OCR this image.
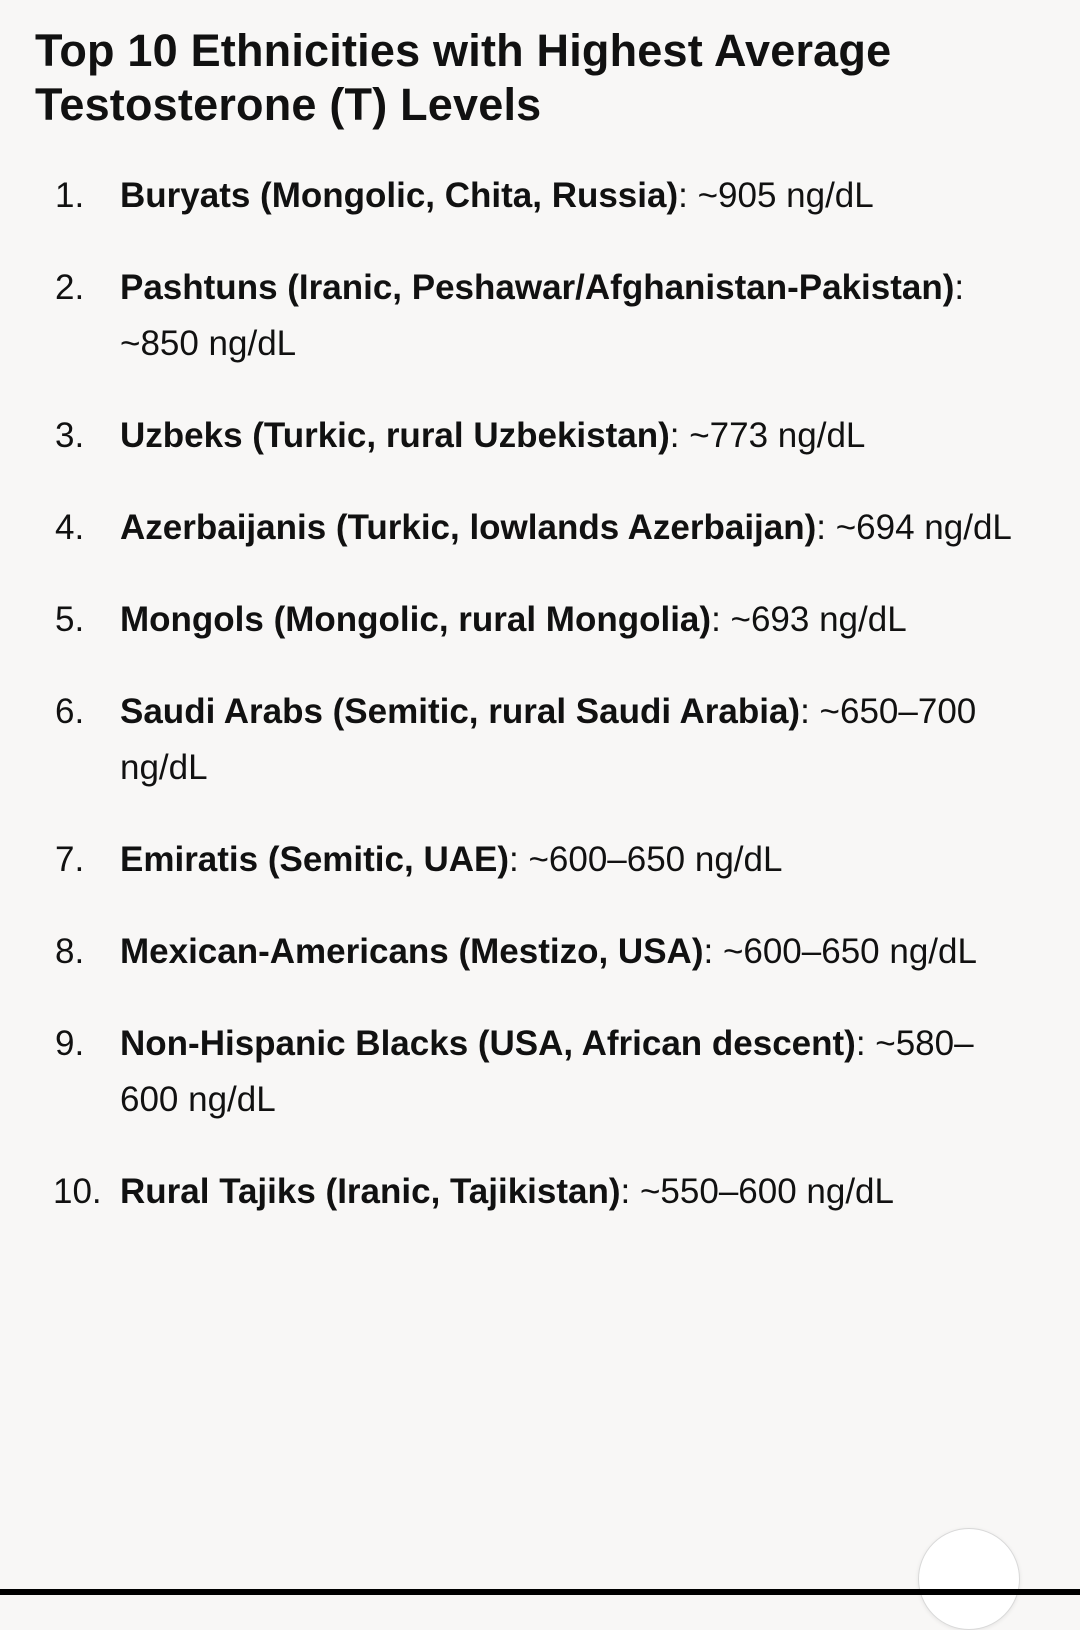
Top 10 Ethnicities with Highest Average Testosterone (T) Levels
1.	Buryats (Mongolic, Chita, Russia): ~905 ng/dL
2.	Pashtuns (Iranic, Peshawar/Afghanistan-Pakistan): ~850 ng/dL
3.	Uzbeks (Turkic, rural Uzbekistan): ~773 ng/dL
4.	Azerbaijanis (Turkic, lowlands Azerbaijan): ~694 ng/dL
5.	Mongols (Mongolic, rural Mongolia): ~693 ng/dL
6.	Saudi Arabs (Semitic, rural Saudi Arabia): ~650–700 ng/dL
7.	Emiratis (Semitic, UAE): ~600–650 ng/dL
8.	Mexican-Americans (Mestizo, USA): ~600–650 ng/dL
9.	Non-Hispanic Blacks (USA, African descent): ~580–600 ng/dL
10. Rural Tajiks (Iranic, Tajikistan): ~550–600 ng/dL
